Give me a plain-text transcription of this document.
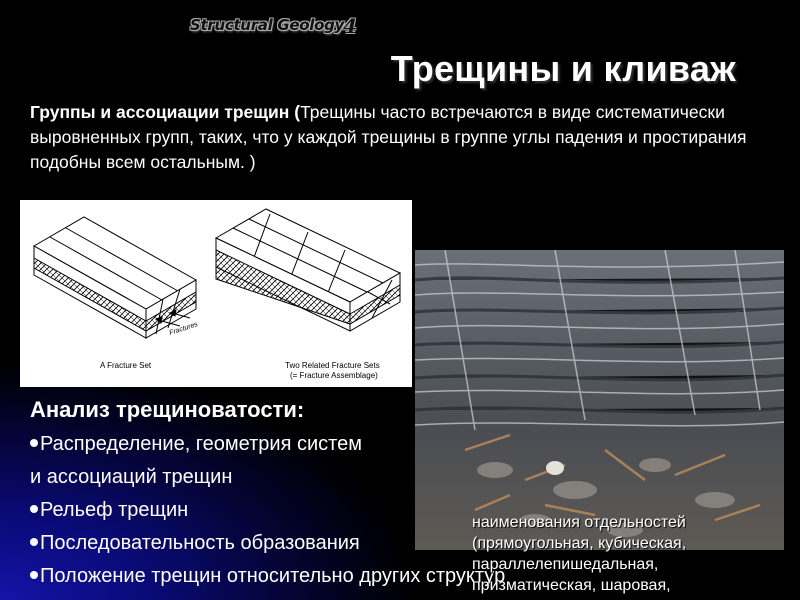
Structural Geology
4
Трещины и кливаж
Группы и ассоциации трещин (Трещины часто встречаются в виде систематически выровненных групп, таких, что у каждой трещины в группе углы падения и простирания подобны всем остальным. )
Fractures
A Fracture Set	Two Related Fracture Sets
(= Fracture Assemblage)
Анализ трещиноватости:
Распределение, геометрия систем
и ассоциаций трещин
Рельеф трещин
Последовательность образования
Положение трещин относительно других структур
наименования отдельностей
(прямоугольная, кубическая,
параллелепишедальная,
призматическая, шаровая,
